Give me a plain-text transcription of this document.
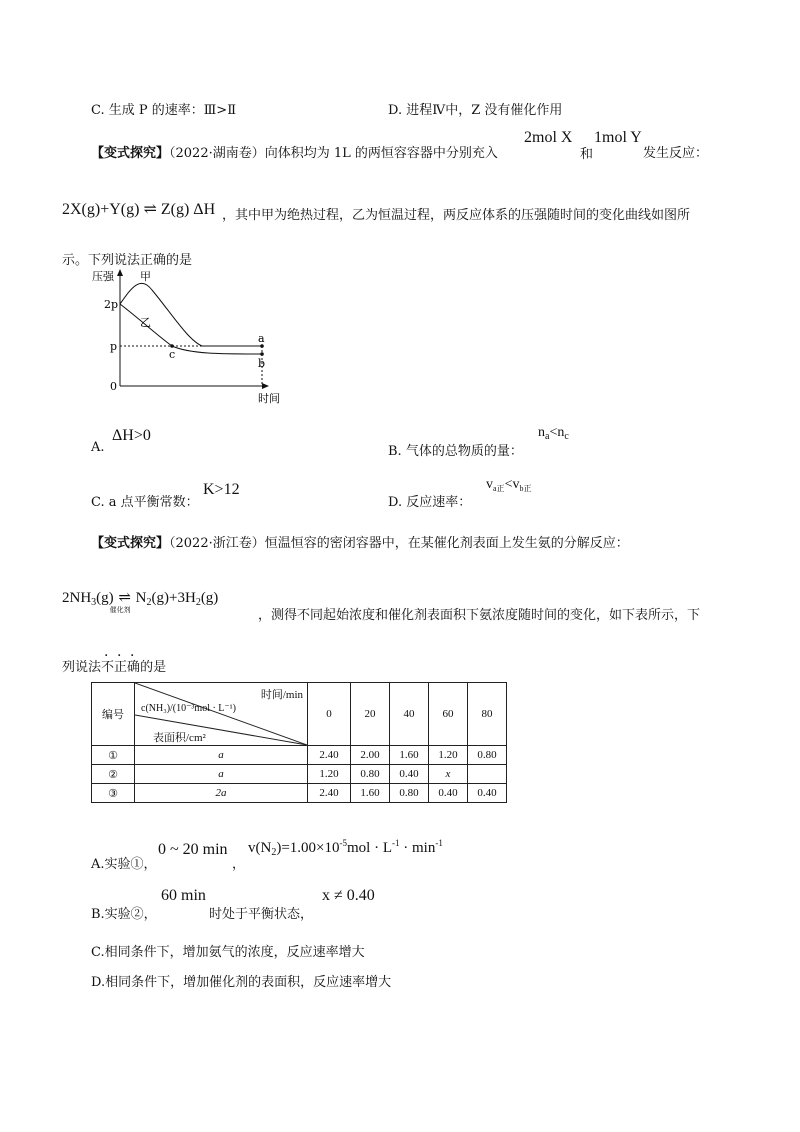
C. 生成 P 的速率：Ⅲ>Ⅱ	D. 进程Ⅳ中，Z 没有催化作用
【变式探究】（2022·湖南卷）向体积均为 1L 的两恒容容器中分别充入
2mol X
和
1mol Y
发生反应：
2X(g)+Y(g) ⇌ Z(g) ΔH ，其中甲为绝热过程，乙为恒温过程，两反应体系的压强随时间的变化曲线如图所
示。下列说法正确的是
压强 甲
乙
2p
p
0
a
b
c
时间
A.
ΔH>0
B. 气体的总物质的量：
$n_a<n_c$
C. a 点平衡常数：
K>12
D. 反应速率：
$v_{a正}<v_{b正}$
【变式探究】（2022·浙江卷）恒温恒容的密闭容器中，在某催化剂表面上发生氨的分解反应：
$2NH_3(g)$ ⇌
催化剂
$N_2(g)+3H_2(g)$
，测得不同起始浓度和催化剂表面积下氨浓度随时间的变化，如下表所示，下
列说法不正确的是
编号	时间/min
c(NH₃)/(10⁻³mol · L⁻¹)
表面积/cm²	0	20	40	60	80
①	a	2.40	2.00	1.60	1.20	0.80
②	a	1.20	0.80	0.40	x	
③	2a	2.40	1.60	0.80	0.40	0.40
A.实验①，
0 ~ 20 min
，
$v(N_2)=1.00\times 10^{-5}mol \cdot L^{-1} \cdot \min^{-1}$
B.实验②，
60 min
时处于平衡状态，
x ≠ 0.40
C.相同条件下，增加氨气的浓度，反应速率增大
D.相同条件下，增加催化剂的表面积，反应速率增大
